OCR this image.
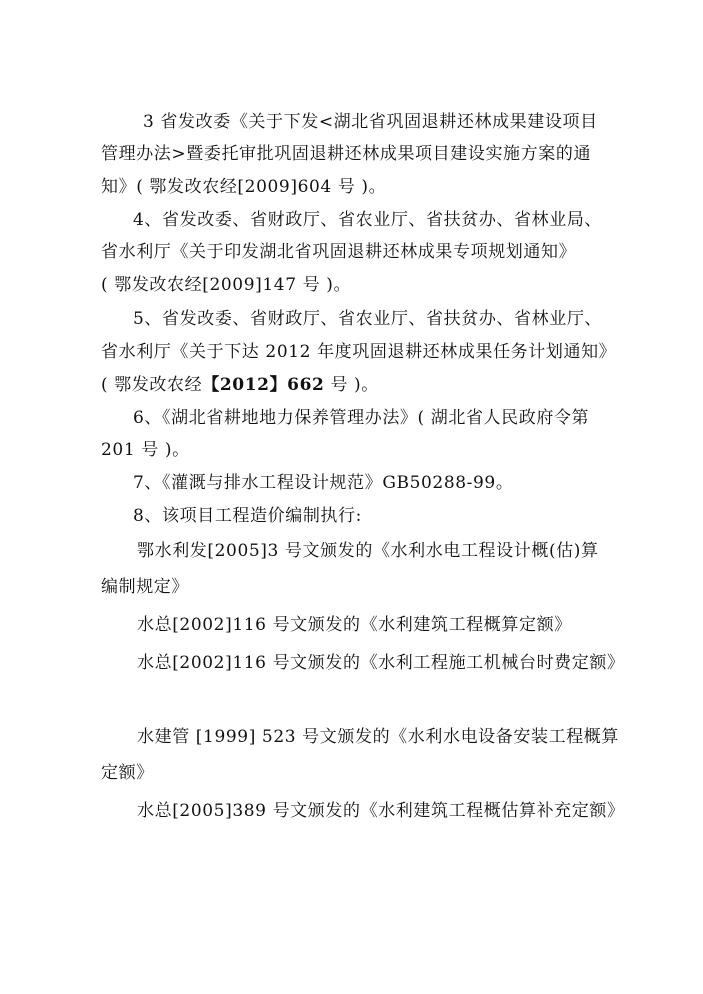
3 省发改委《关于下发<湖北省巩固退耕还林成果建设项目
管理办法>暨委托审批巩固退耕还林成果项目建设实施方案的通
知》( 鄂发改农经[2009]604 号 )。
4、省发改委、省财政厅、省农业厅、省扶贫办、省林业局、
省水利厅《关于印发湖北省巩固退耕还林成果专项规划通知》
( 鄂发改农经[2009]147 号 )。
5、省发改委、省财政厅、省农业厅、省扶贫办、省林业厅、
省水利厅《关于下达 2012 年度巩固退耕还林成果任务计划通知》
( 鄂发改农经【2012】662 号 )。
6、《湖北省耕地地力保养管理办法》( 湖北省人民政府令第
201 号 )。
7、《灌溉与排水工程设计规范》GB50288-99。
8、该项目工程造价编制执行:
鄂水利发[2005]3 号文颁发的《水利水电工程设计概(估)算
编制规定》
水总[2002]116 号文颁发的《水利建筑工程概算定额》
水总[2002]116 号文颁发的《水利工程施工机械台时费定额》
水建管 [1999] 523 号文颁发的《水利水电设备安装工程概算
定额》
水总[2005]389 号文颁发的《水利建筑工程概估算补充定额》
